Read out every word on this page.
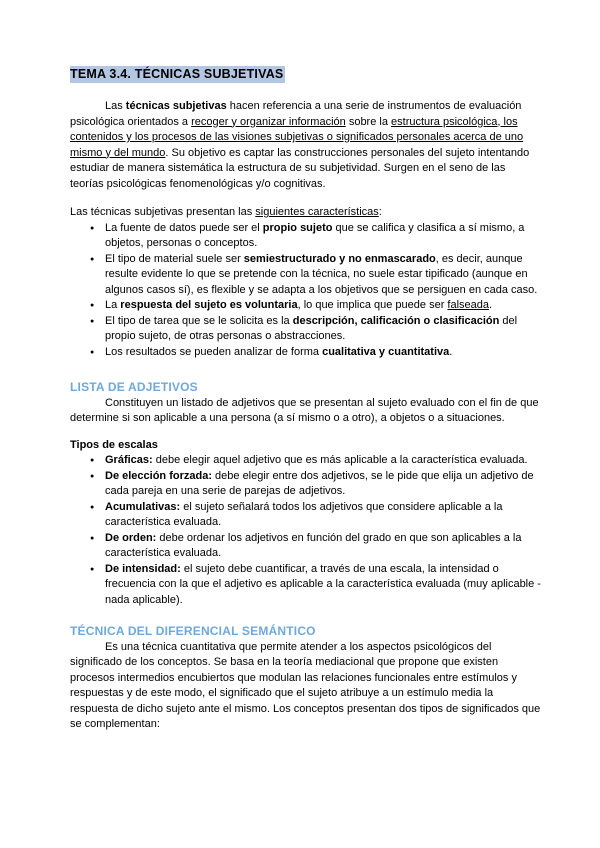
TEMA 3.4. TÉCNICAS SUBJETIVAS

Las técnicas subjetivas hacen referencia a una serie de instrumentos de evaluación psicológica orientados a recoger y organizar información sobre la estructura psicológica, los contenidos y los procesos de las visiones subjetivas o significados personales acerca de uno mismo y del mundo. Su objetivo es captar las construcciones personales del sujeto intentando estudiar de manera sistemática la estructura de su subjetividad. Surgen en el seno de las teorías psicológicas fenomenológicas y/o cognitivas.

Las técnicas subjetivas presentan las siguientes características:

● La fuente de datos puede ser el propio sujeto que se califica y clasifica a sí mismo, a objetos, personas o conceptos.
● El tipo de material suele ser semiestructurado y no enmascarado, es decir, aunque resulte evidente lo que se pretende con la técnica, no suele estar tipificado (aunque en algunos casos sí), es flexible y se adapta a los objetivos que se persiguen en cada caso.
● La respuesta del sujeto es voluntaria, lo que implica que puede ser falseada.
● El tipo de tarea que se le solicita es la descripción, calificación o clasificación del propio sujeto, de otras personas o abstracciones.
● Los resultados se pueden analizar de forma cualitativa y cuantitativa.
LISTA DE ADJETIVOS

Constituyen un listado de adjetivos que se presentan al sujeto evaluado con el fin de que determine si son aplicable a una persona (a sí mismo o a otro), a objetos o a situaciones.

Tipos de escalas
● Gráficas: debe elegir aquel adjetivo que es más aplicable a la característica evaluada.
● De elección forzada: debe elegir entre dos adjetivos, se le pide que elija un adjetivo de cada pareja en una serie de parejas de adjetivos.
● Acumulativas: el sujeto señalará todos los adjetivos que considere aplicable a la característica evaluada.
● De orden: debe ordenar los adjetivos en función del grado en que son aplicables a la característica evaluada.
● De intensidad: el sujeto debe cuantificar, a través de una escala, la intensidad o frecuencia con la que el adjetivo es aplicable a la característica evaluada (muy aplicable - nada aplicable).
TÉCNICA DEL DIFERENCIAL SEMÁNTICO

Es una técnica cuantitativa que permite atender a los aspectos psicológicos del significado de los conceptos. Se basa en la teoría mediacional que propone que existen procesos intermedios encubiertos que modulan las relaciones funcionales entre estímulos y respuestas y de este modo, el significado que el sujeto atribuye a un estímulo media la respuesta de dicho sujeto ante el mismo. Los conceptos presentan dos tipos de significados que se complementan:
